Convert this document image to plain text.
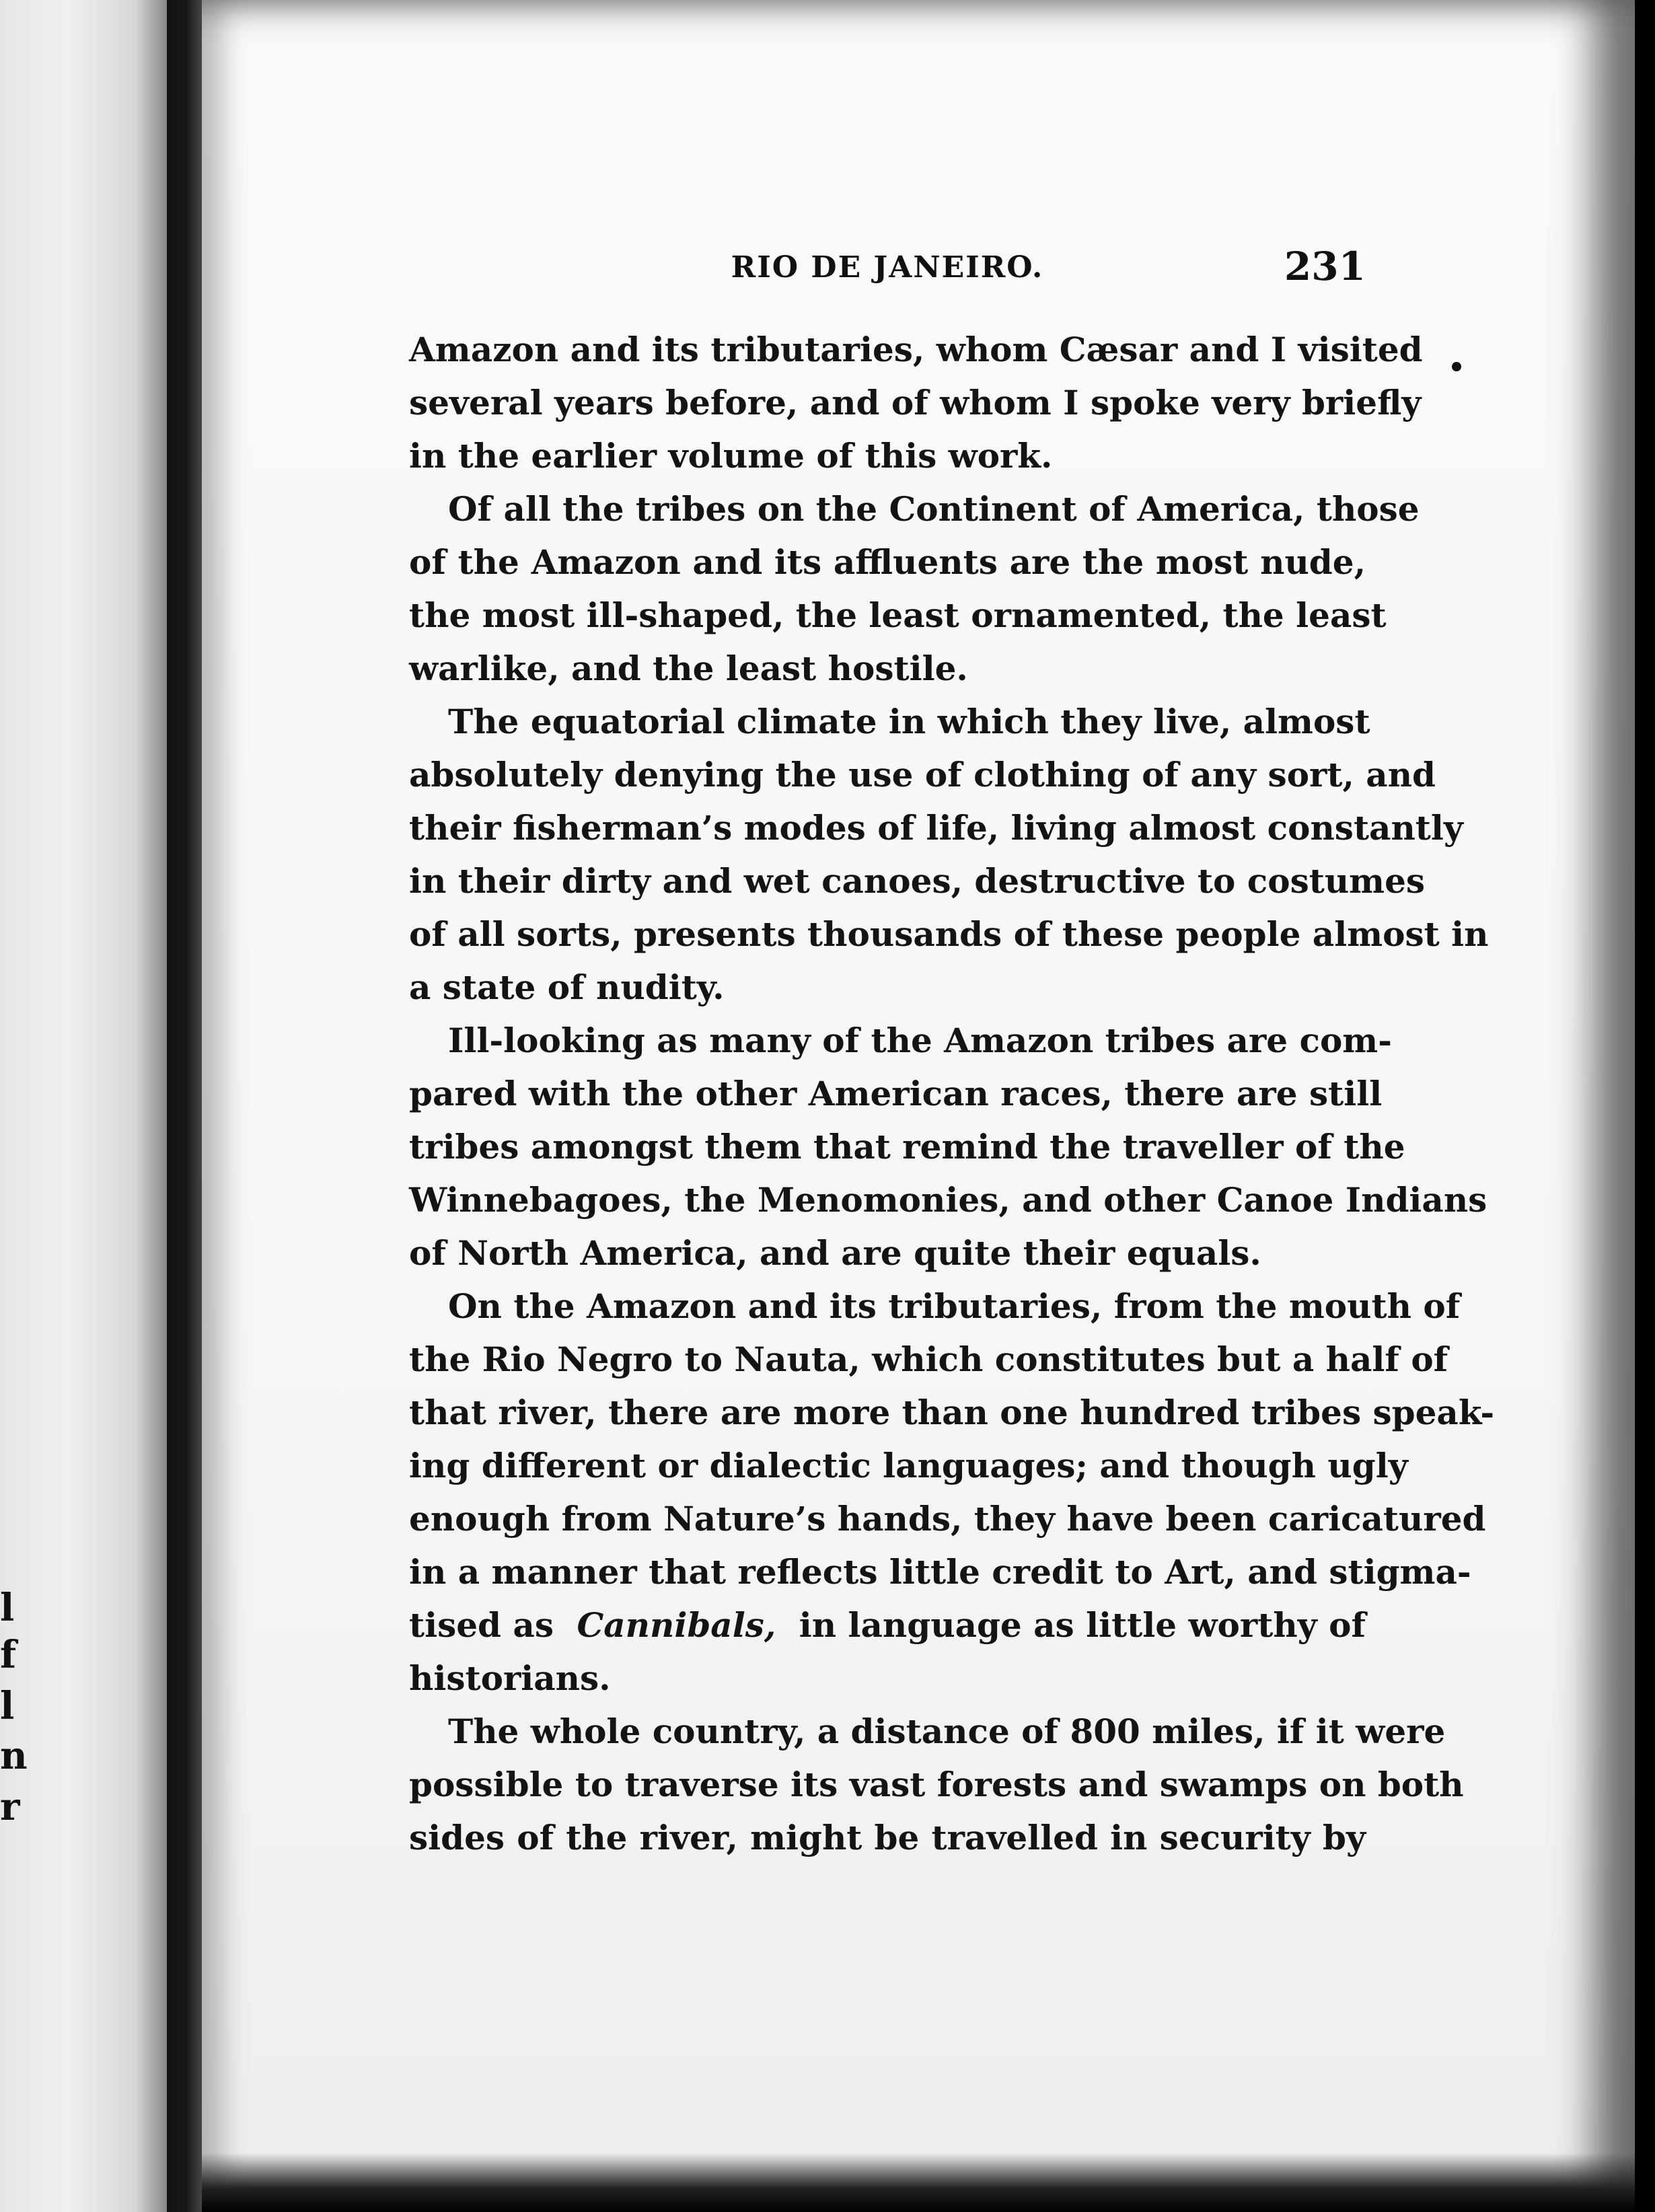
l
f
l
n
r
RIO DE JANEIRO.	231

Amazon and its tributaries, whom Cæsar and I visited
several years before, and of whom I spoke very briefly
in the earlier volume of this work.

Of all the tribes on the Continent of America, those
of the Amazon and its affluents are the most nude,
the most ill-shaped, the least ornamented, the least
warlike, and the least hostile.

The equatorial climate in which they live, almost
absolutely denying the use of clothing of any sort, and
their fisherman’s modes of life, living almost constantly
in their dirty and wet canoes, destructive to costumes
of all sorts, presents thousands of these people almost in
a state of nudity.

Ill-looking as many of the Amazon tribes are com-
pared with the other American races, there are still
tribes amongst them that remind the traveller of the
Winnebagoes, the Menomonies, and other Canoe Indians
of North America, and are quite their equals.

On the Amazon and its tributaries, from the mouth of
the Rio Negro to Nauta, which constitutes but a half of
that river, there are more than one hundred tribes speak-
ing different or dialectic languages; and though ugly
enough from Nature’s hands, they have been caricatured
in a manner that reflects little credit to Art, and stigma-
tised as Cannibals, in language as little worthy of
historians.

The whole country, a distance of 800 miles, if it were
possible to traverse its vast forests and swamps on both
sides of the river, might be travelled in security by
